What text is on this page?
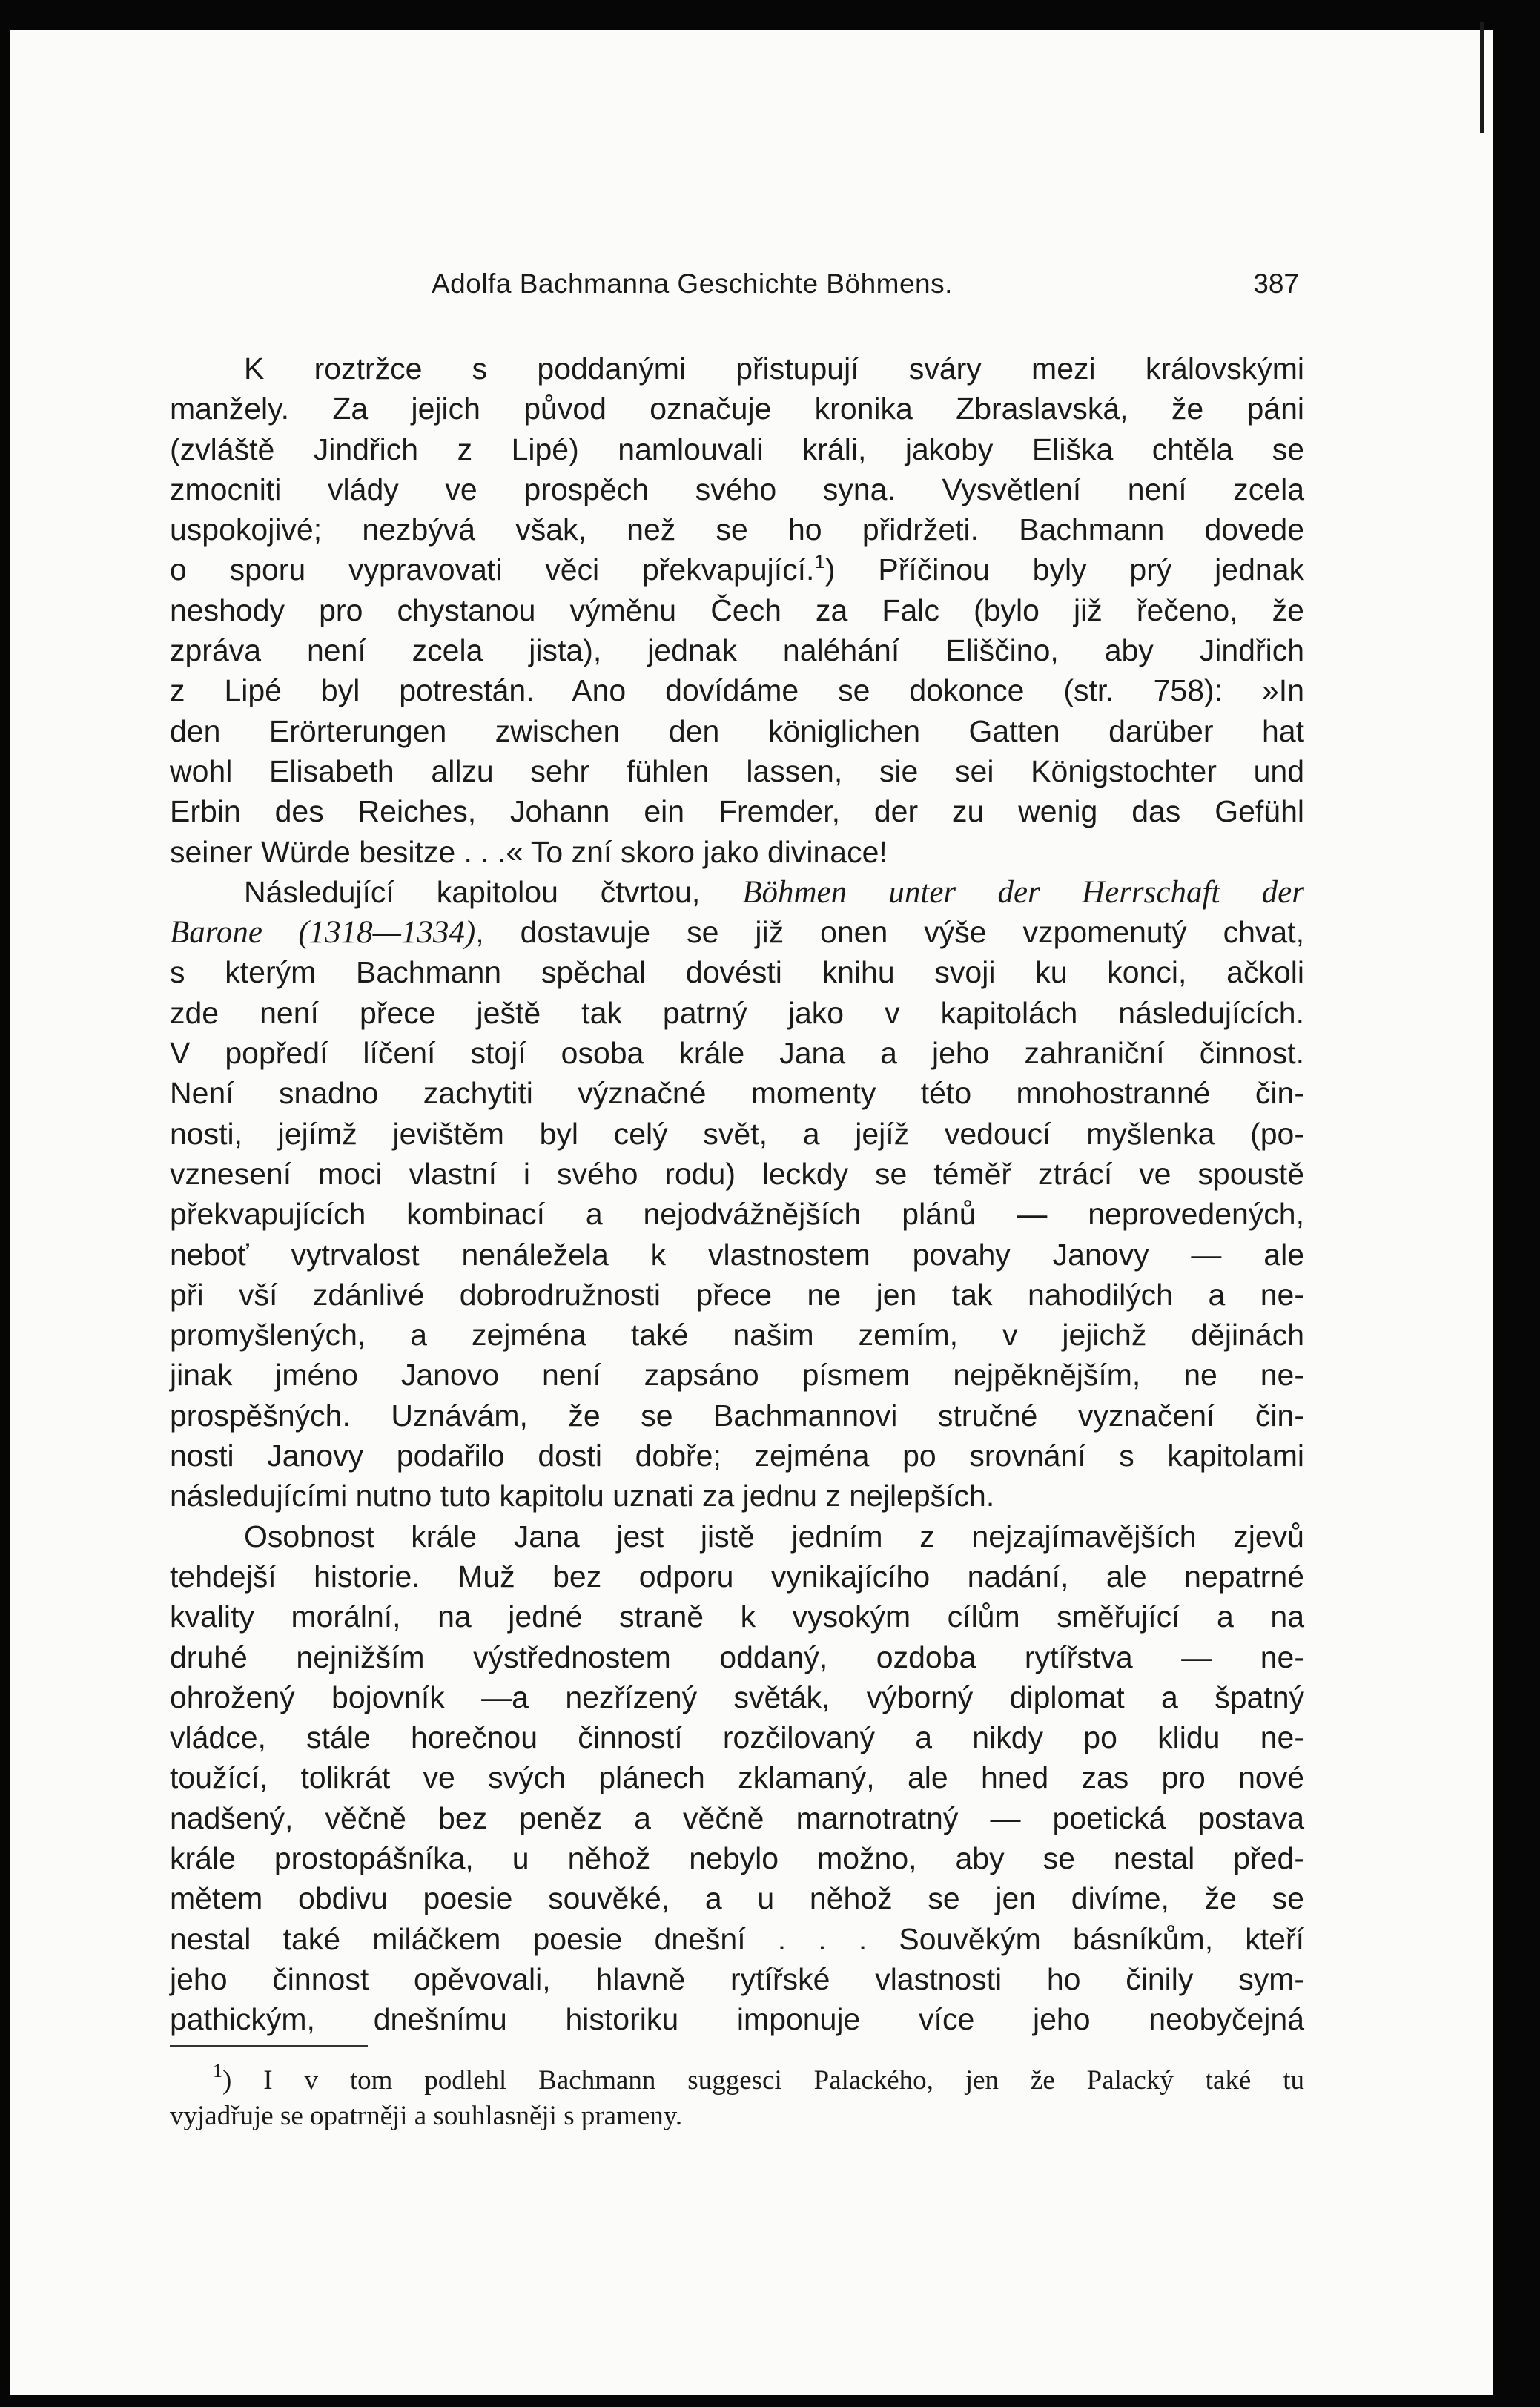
Adolfa Bachmanna Geschichte Böhmens.	387
K roztržce s poddanými přistupují sváry mezi královskými
manžely. Za jejich původ označuje kronika Zbraslavská, že páni
(zvláště Jindřich z Lipé) namlouvali králi, jakoby Eliška chtěla se
zmocniti vlády ve prospěch svého syna. Vysvětlení není zcela
uspokojivé; nezbývá však, než se ho přidržeti. Bachmann dovede
o sporu vypravovati věci překvapující.$^1$) Příčinou byly prý jednak
neshody pro chystanou výměnu Čech za Falc (bylo již řečeno, že
zpráva není zcela jista), jednak naléhání Eliščino, aby Jindřich
z Lipé byl potrestán. Ano dovídáme se dokonce (str. 758): »In
den Erörterungen zwischen den königlichen Gatten darüber hat
wohl Elisabeth allzu sehr fühlen lassen, sie sei Königstochter und
Erbin des Reiches, Johann ein Fremder, der zu wenig das Gefühl
seiner Würde besitze . . .« To zní skoro jako divinace!
Následující kapitolou čtvrtou, Böhmen unter der Herrschaft der
Barone (1318—1334), dostavuje se již onen výše vzpomenutý chvat,
s kterým Bachmann spěchal dovésti knihu svoji ku konci, ačkoli
zde není přece ještě tak patrný jako v kapitolách následujících.
V popředí líčení stojí osoba krále Jana a jeho zahraniční činnost.
Není snadno zachytiti význačné momenty této mnohostranné čin-
nosti, jejímž jevištěm byl celý svět, a jejíž vedoucí myšlenka (po-
vznesení moci vlastní i svého rodu) leckdy se téměř ztrácí ve spoustě
překvapujících kombinací a nejodvážnějších plánů — neprovedených,
neboť vytrvalost nenáležela k vlastnostem povahy Janovy — ale
při vší zdánlivé dobrodružnosti přece ne jen tak nahodilých a ne-
promyšlených, a zejména také našim zemím, v jejichž dějinách
jinak jméno Janovo není zapsáno písmem nejpěknějším, ne ne-
prospěšných. Uznávám, že se Bachmannovi stručné vyznačení čin-
nosti Janovy podařilo dosti dobře; zejména po srovnání s kapitolami
následujícími nutno tuto kapitolu uznati za jednu z nejlepších.
Osobnost krále Jana jest jistě jedním z nejzajímavějších zjevů
tehdejší historie. Muž bez odporu vynikajícího nadání, ale nepatrné
kvality morální, na jedné straně k vysokým cílům směřující a na
druhé nejnižším výstřednostem oddaný, ozdoba rytířstva — ne-
ohrožený bojovník —a nezřízený světák, výborný diplomat a špatný
vládce, stále horečnou činností rozčilovaný a nikdy po klidu ne-
toužící, tolikrát ve svých plánech zklamaný, ale hned zas pro nové
nadšený, věčně bez peněz a věčně marnotratný — poetická postava
krále prostopášníka, u něhož nebylo možno, aby se nestal před-
mětem obdivu poesie souvěké, a u něhož se jen divíme, že se
nestal také miláčkem poesie dnešní . . . Souvěkým básníkům, kteří
jeho činnost opěvovali, hlavně rytířské vlastnosti ho činily sym-
pathickým, dnešnímu historiku imponuje více jeho neobyčejná
$^1$) I v tom podlehl Bachmann suggesci Palackého, jen že Palacký také tu
vyjadřuje se opatrněji a souhlasněji s prameny.
